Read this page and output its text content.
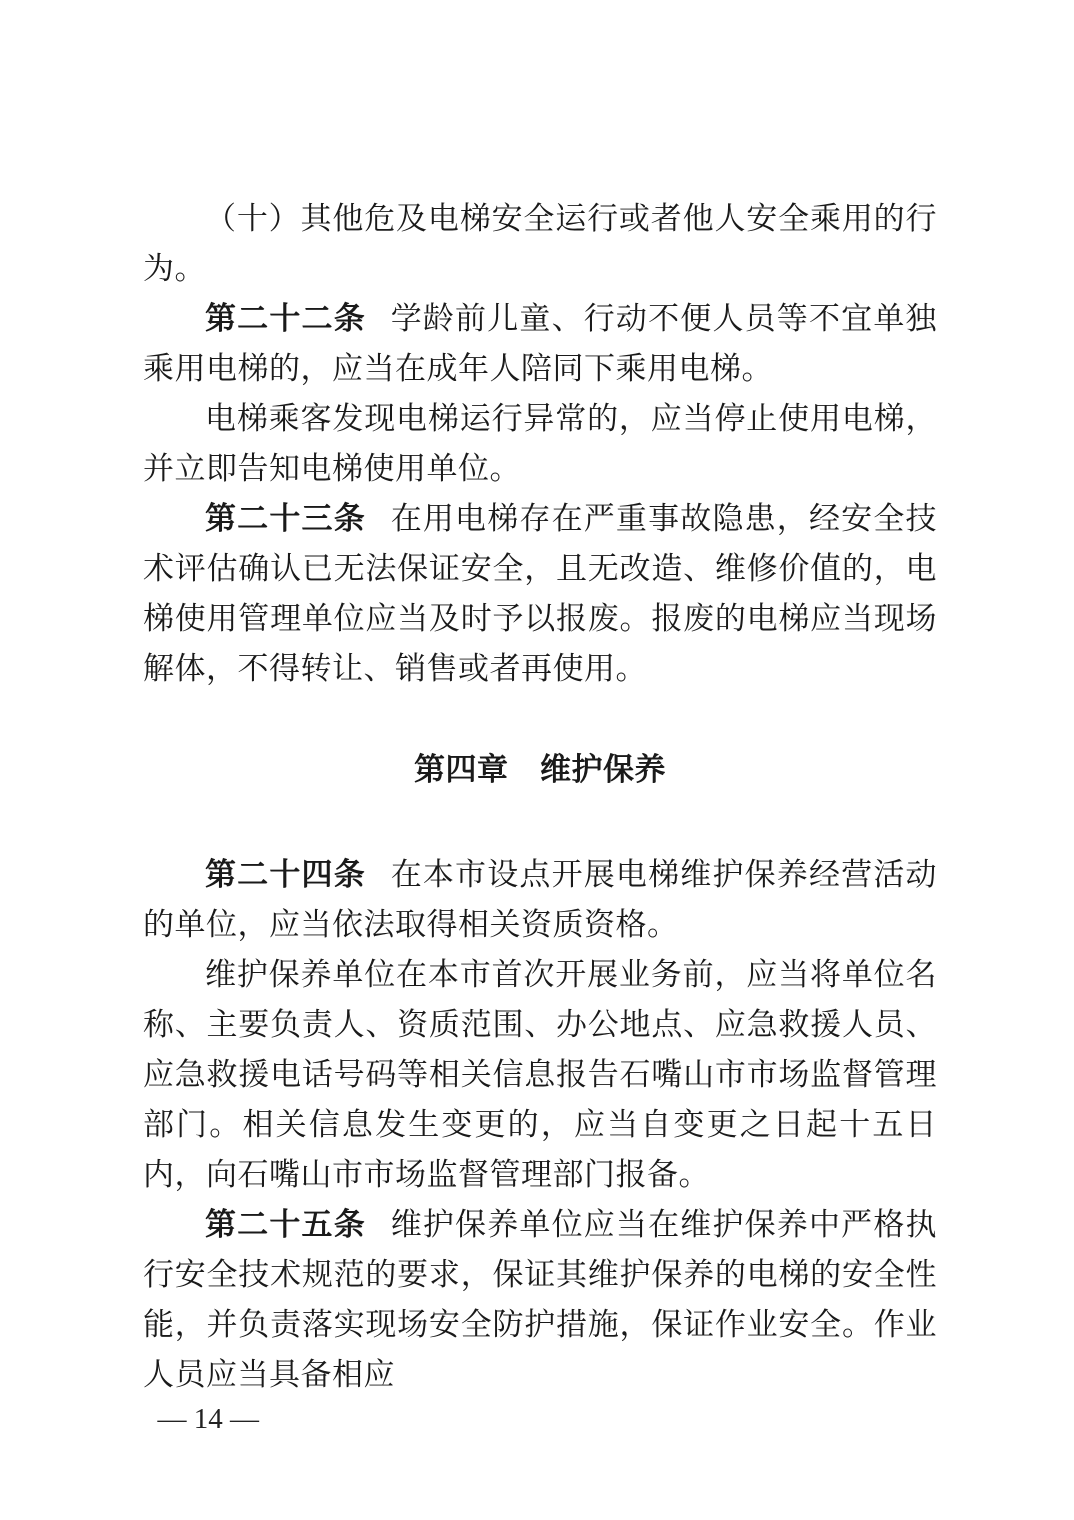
（十）其他危及电梯安全运行或者他人安全乘用的行为。

第二十二条 学龄前儿童、行动不便人员等不宜单独乘用电梯的，应当在成年人陪同下乘用电梯。

电梯乘客发现电梯运行异常的，应当停止使用电梯，并立即告知电梯使用单位。

第二十三条 在用电梯存在严重事故隐患，经安全技术评估确认已无法保证安全，且无改造、维修价值的，电梯使用管理单位应当及时予以报废。报废的电梯应当现场解体，不得转让、销售或者再使用。

第四章　维护保养

第二十四条 在本市设点开展电梯维护保养经营活动的单位，应当依法取得相关资质资格。

维护保养单位在本市首次开展业务前，应当将单位名称、主要负责人、资质范围、办公地点、应急救援人员、应急救援电话号码等相关信息报告石嘴山市市场监督管理部门。相关信息发生变更的，应当自变更之日起十五日内，向石嘴山市市场监督管理部门报备。

第二十五条 维护保养单位应当在维护保养中严格执行安全技术规范的要求，保证其维护保养的电梯的安全性能，并负责落实现场安全防护措施，保证作业安全。作业人员应当具备相应

— 14 —
